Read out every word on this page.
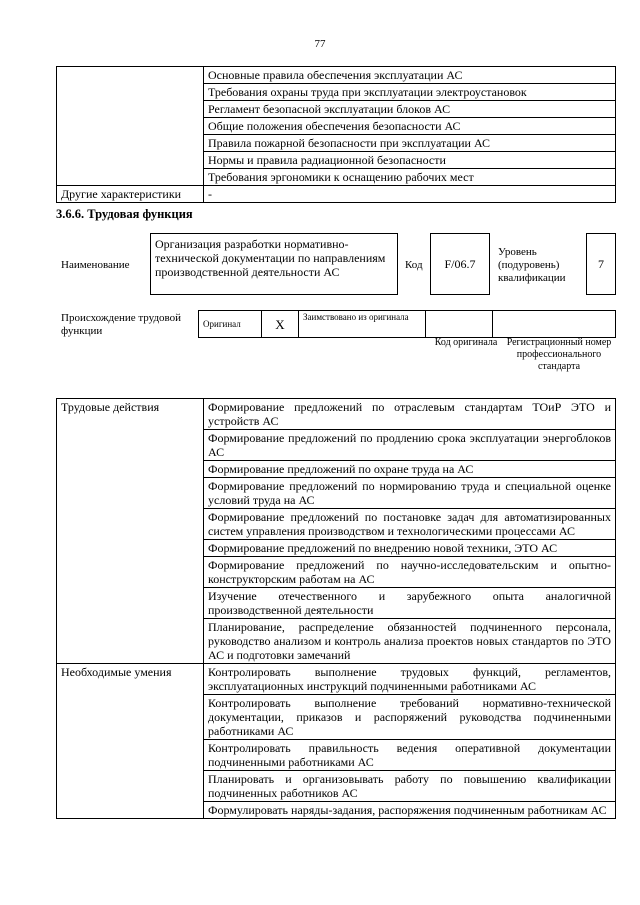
77
	Основные правила обеспечения эксплуатации АС
	Требования охраны труда при эксплуатации электроустановок
	Регламент безопасной эксплуатации блоков АС
	Общие положения обеспечения безопасности АС
	Правила пожарной безопасности при эксплуатации АС
	Нормы и правила радиационной безопасности
	Требования эргономики к оснащению рабочих мест
Другие характеристики	-
3.6.6. Трудовая функция
Наименование
Организация разработки нормативно-технической документации по направлениям производственной деятельности АС	Код	F/06.7
Уровень (подуровень) квалификации
7
Происхождение трудовой функции
Оригинал	X	Заимствовано из оригинала		
Код оригинала Регистрационный номер профессионального стандарта
Трудовые действия	Формирование предложений по отраслевым стандартам ТОиР ЭТО и устройств АС
	Формирование предложений по продлению срока эксплуатации энергоблоков АС
	Формирование предложений по охране труда на АС
	Формирование предложений по нормированию труда и специальной оценке условий труда на АС
	Формирование предложений по постановке задач для автоматизированных систем управления производством и технологическими процессами АС
	Формирование предложений по внедрению новой техники, ЭТО АС
	Формирование предложений по научно-исследовательским и опытно-конструкторским работам на АС
	Изучение отечественного и зарубежного опыта аналогичной производственной деятельности
	Планирование, распределение обязанностей подчиненного персонала, руководство анализом и контроль анализа проектов новых стандартов по ЭТО АС и подготовки замечаний
Необходимые умения	Контролировать выполнение трудовых функций, регламентов, эксплуатационных инструкций подчиненными работниками АС
	Контролировать выполнение требований нормативно-технической документации, приказов и распоряжений руководства подчиненными работниками АС
	Контролировать правильность ведения оперативной документации подчиненными работниками АС
	Планировать и организовывать работу по повышению квалификации подчиненных работников АС
	Формулировать наряды-задания, распоряжения подчиненным работникам АС
